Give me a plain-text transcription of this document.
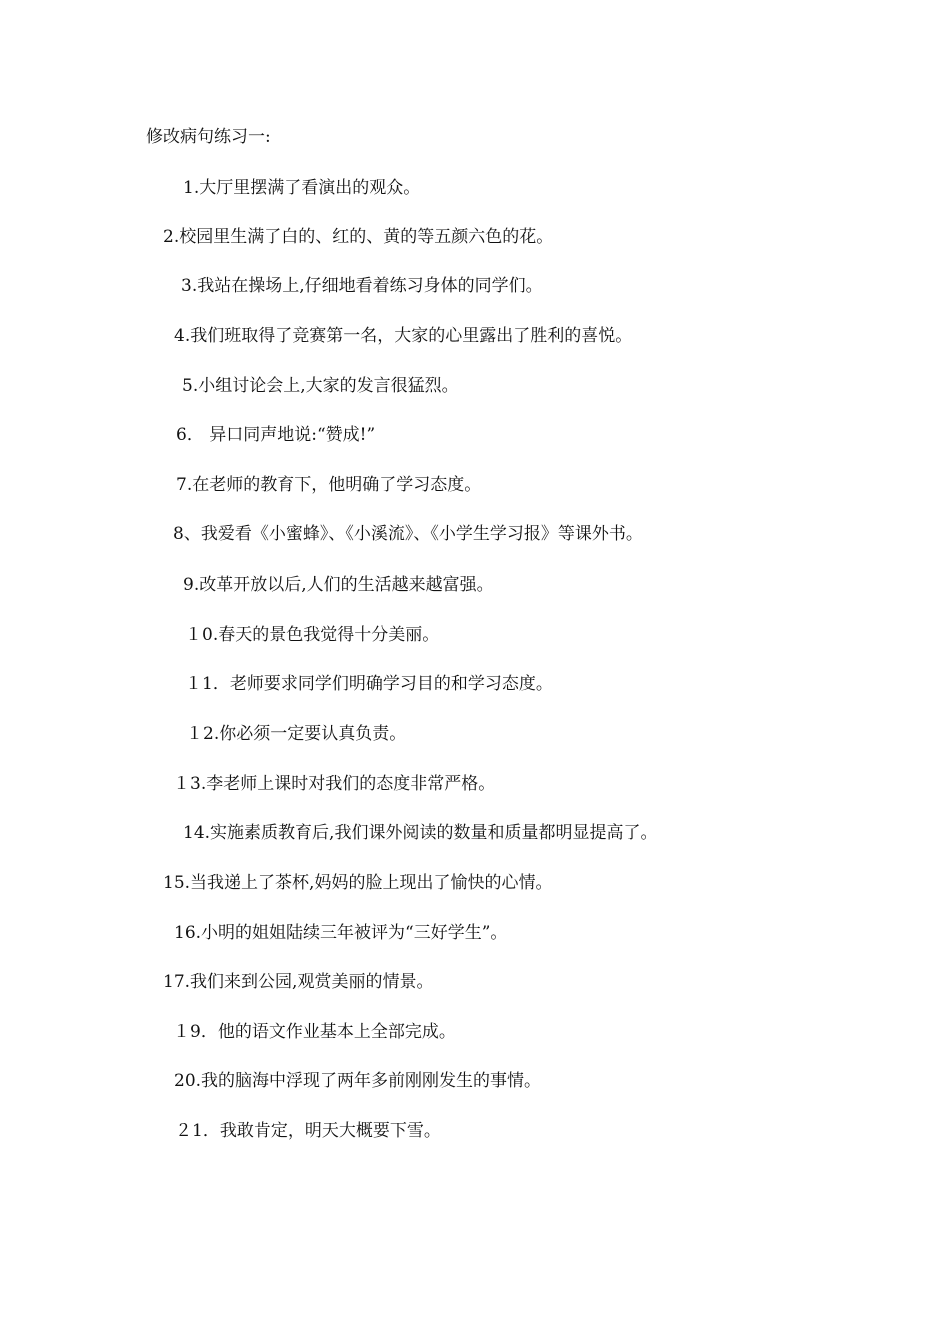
修改病句练习一:
1.大厅里摆满了看演出的观众。
2.校园里生满了白的、红的、黄的等五颜六色的花。
3.我站在操场上,仔细地看着练习身体的同学们。
4.我们班取得了竞赛第一名，大家的心里露出了胜利的喜悦。
5.小组讨论会上,大家的发言很猛烈。
6． 异口同声地说:“赞成!”
7.在老师的教育下，他明确了学习态度。
8、我爱看《小蜜蜂》、《小溪流》、《小学生学习报》等课外书。
9.改革开放以后,人们的生活越来越富强。
１0.春天的景色我觉得十分美丽。
１1．老师要求同学们明确学习目的和学习态度。
１2.你必须一定要认真负责。
１3.李老师上课时对我们的态度非常严格。
14.实施素质教育后,我们课外阅读的数量和质量都明显提高了。
15.当我递上了茶杯,妈妈的脸上现出了愉快的心情。
16.小明的姐姐陆续三年被评为“三好学生”。
17.我们来到公园,观赏美丽的情景。
１9．他的语文作业基本上全部完成。
20.我的脑海中浮现了两年多前刚刚发生的事情。
２1．我敢肯定，明天大概要下雪。
